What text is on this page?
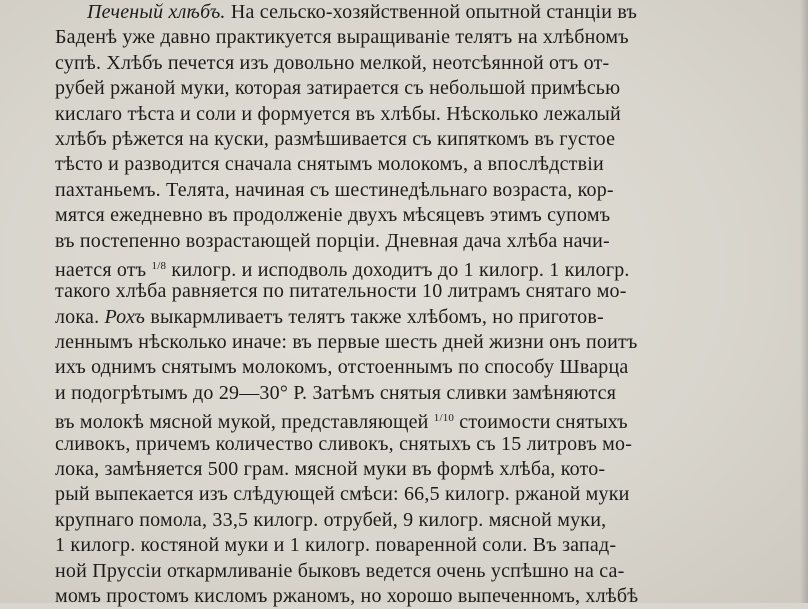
Печеный хлѣбъ. На сельско-хозяйственной опытной станціи въ
Баденѣ уже давно практикуется выращиваніе телятъ на хлѣбномъ
супѣ. Хлѣбъ печется изъ довольно мелкой, неотсѣянной отъ от-
рубей ржаной муки, которая затирается съ небольшой примѣсью
кислаго тѣста и соли и формуется въ хлѣбы. Нѣсколько лежалый
хлѣбъ рѣжется на куски, размѣшивается съ кипяткомъ въ густое
тѣсто и разводится сначала снятымъ молокомъ, а впослѣдствіи
пахтаньемъ. Телята, начиная съ шестинедѣльнаго возраста, кор-
мятся ежедневно въ продолженіе двухъ мѣсяцевъ этимъ супомъ
въ постепенно возрастающей порціи. Дневная дача хлѣба начи-
нается отъ $^{1/8}$ килогр. и исподволь доходитъ до 1 килогр. 1 килогр.
такого хлѣба равняется по питательности 10 литрамъ снятаго мо-
лока. Рохъ выкармливаетъ телятъ также хлѣбомъ, но приготов-
леннымъ нѣсколько иначе: въ первые шесть дней жизни онъ поитъ
ихъ однимъ снятымъ молокомъ, отстоеннымъ по способу Шварца
и подогрѣтымъ до 29—30° Р. Затѣмъ снятыя сливки замѣняются
въ молокѣ мясной мукой, представляющей $^{1/10}$ стоимости снятыхъ
сливокъ, причемъ количество сливокъ, снятыхъ съ 15 литровъ мо-
лока, замѣняется 500 грам. мясной муки въ формѣ хлѣба, кото-
рый выпекается изъ слѣдующей смѣси: 66,5 килогр. ржаной муки
крупнаго помола, 33,5 килогр. отрубей, 9 килогр. мясной муки,
1 килогр. костяной муки и 1 килогр. поваренной соли. Въ запад-
ной Пруссіи откармливаніе быковъ ведется очень успѣшно на са-
момъ простомъ кисломъ ржаномъ, но хорошо выпеченномъ, хлѣбѣ
